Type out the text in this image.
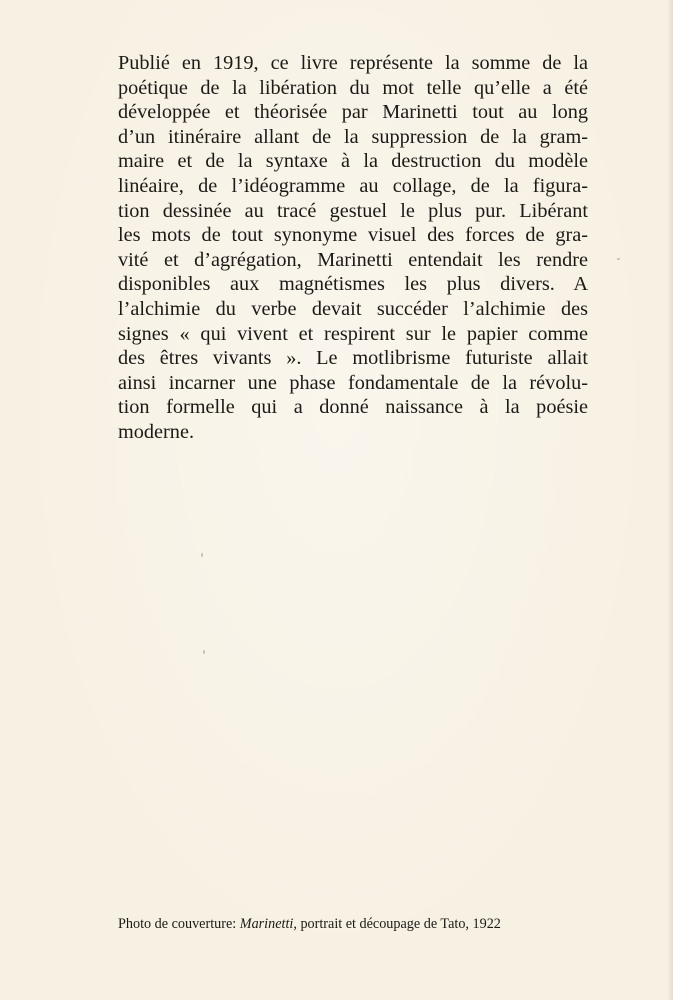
Publié en 1919, ce livre représente la somme de la
poétique de la libération du mot telle qu’elle a été
développée et théorisée par Marinetti tout au long
d’un itinéraire allant de la suppression de la gram-
maire et de la syntaxe à la destruction du modèle
linéaire, de l’idéogramme au collage, de la figura-
tion dessinée au tracé gestuel le plus pur. Libérant
les mots de tout synonyme visuel des forces de gra-
vité et d’agrégation, Marinetti entendait les rendre
disponibles aux magnétismes les plus divers. A
l’alchimie du verbe devait succéder l’alchimie des
signes « qui vivent et respirent sur le papier comme
des êtres vivants ». Le motlibrisme futuriste allait
ainsi incarner une phase fondamentale de la révolu-
tion formelle qui a donné naissance à la poésie
moderne.
Photo de couverture: Marinetti, portrait et découpage de Tato, 1922
